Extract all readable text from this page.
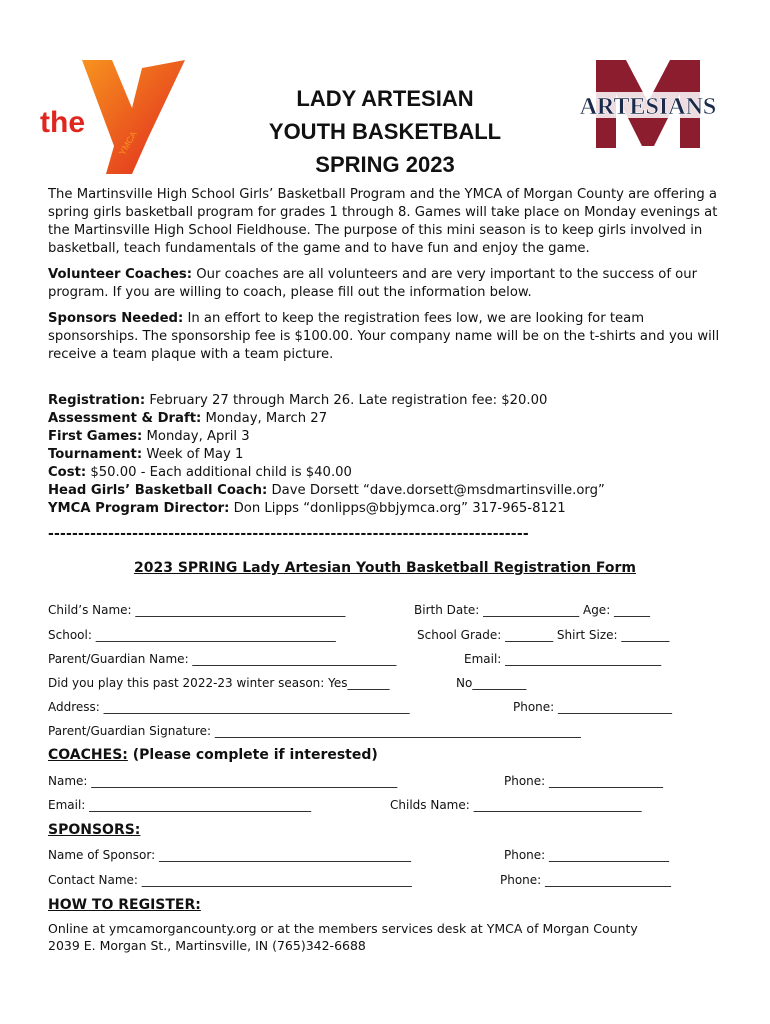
the
YMCA
ARTESIANS
LADY ARTESIAN
YOUTH BASKETBALL
SPRING 2023

The Martinsville High School Girls’ Basketball Program and the YMCA of Morgan County are offering a spring girls basketball program for grades 1 through 8. Games will take place on Monday evenings at the Martinsville High School Fieldhouse. The purpose of this mini season is to keep girls involved in basketball, teach fundamentals of the game and to have fun and enjoy the game.

Volunteer Coaches: Our coaches are all volunteers and are very important to the success of our program. If you are willing to coach, please fill out the information below.

Sponsors Needed: In an effort to keep the registration fees low, we are looking for team sponsorships. The sponsorship fee is $100.00. Your company name will be on the t-shirts and you will receive a team plaque with a team picture.

Registration: February 27 through March 26. Late registration fee: $20.00
Assessment & Draft: Monday, March 27
First Games: Monday, April 3
Tournament: Week of May 1
Cost: $50.00 - Each additional child is $40.00
Head Girls’ Basketball Coach: Dave Dorsett “dave.dorsett@msdmartinsville.org”
YMCA Program Director: Don Lipps “donlipps@bbjymca.org” 317-965-8121
--------------------------------------------------------------------------------
2023 SPRING Lady Artesian Youth Basketball Registration Form
Child’s Name: ___________________________________	Birth Date: ________________ Age: ______
School: ________________________________________	School Grade: ________ Shirt Size: ________
Parent/Guardian Name: __________________________________	Email: __________________________
Did you play this past 2022-23 winter season: Yes_______	No_________
Address: ___________________________________________________	Phone: ___________________
Parent/Guardian Signature: _____________________________________________________________
COACHES: (Please complete if interested)
Name: ___________________________________________________	Phone: ___________________
Email: _____________________________________	Childs Name: ____________________________
SPONSORS:
Name of Sponsor: __________________________________________	Phone: ____________________
Contact Name: _____________________________________________	Phone: _____________________
HOW TO REGISTER:
Online at ymcamorgancounty.org or at the members services desk at YMCA of Morgan County
2039 E. Morgan St., Martinsville, IN (765)342-6688
